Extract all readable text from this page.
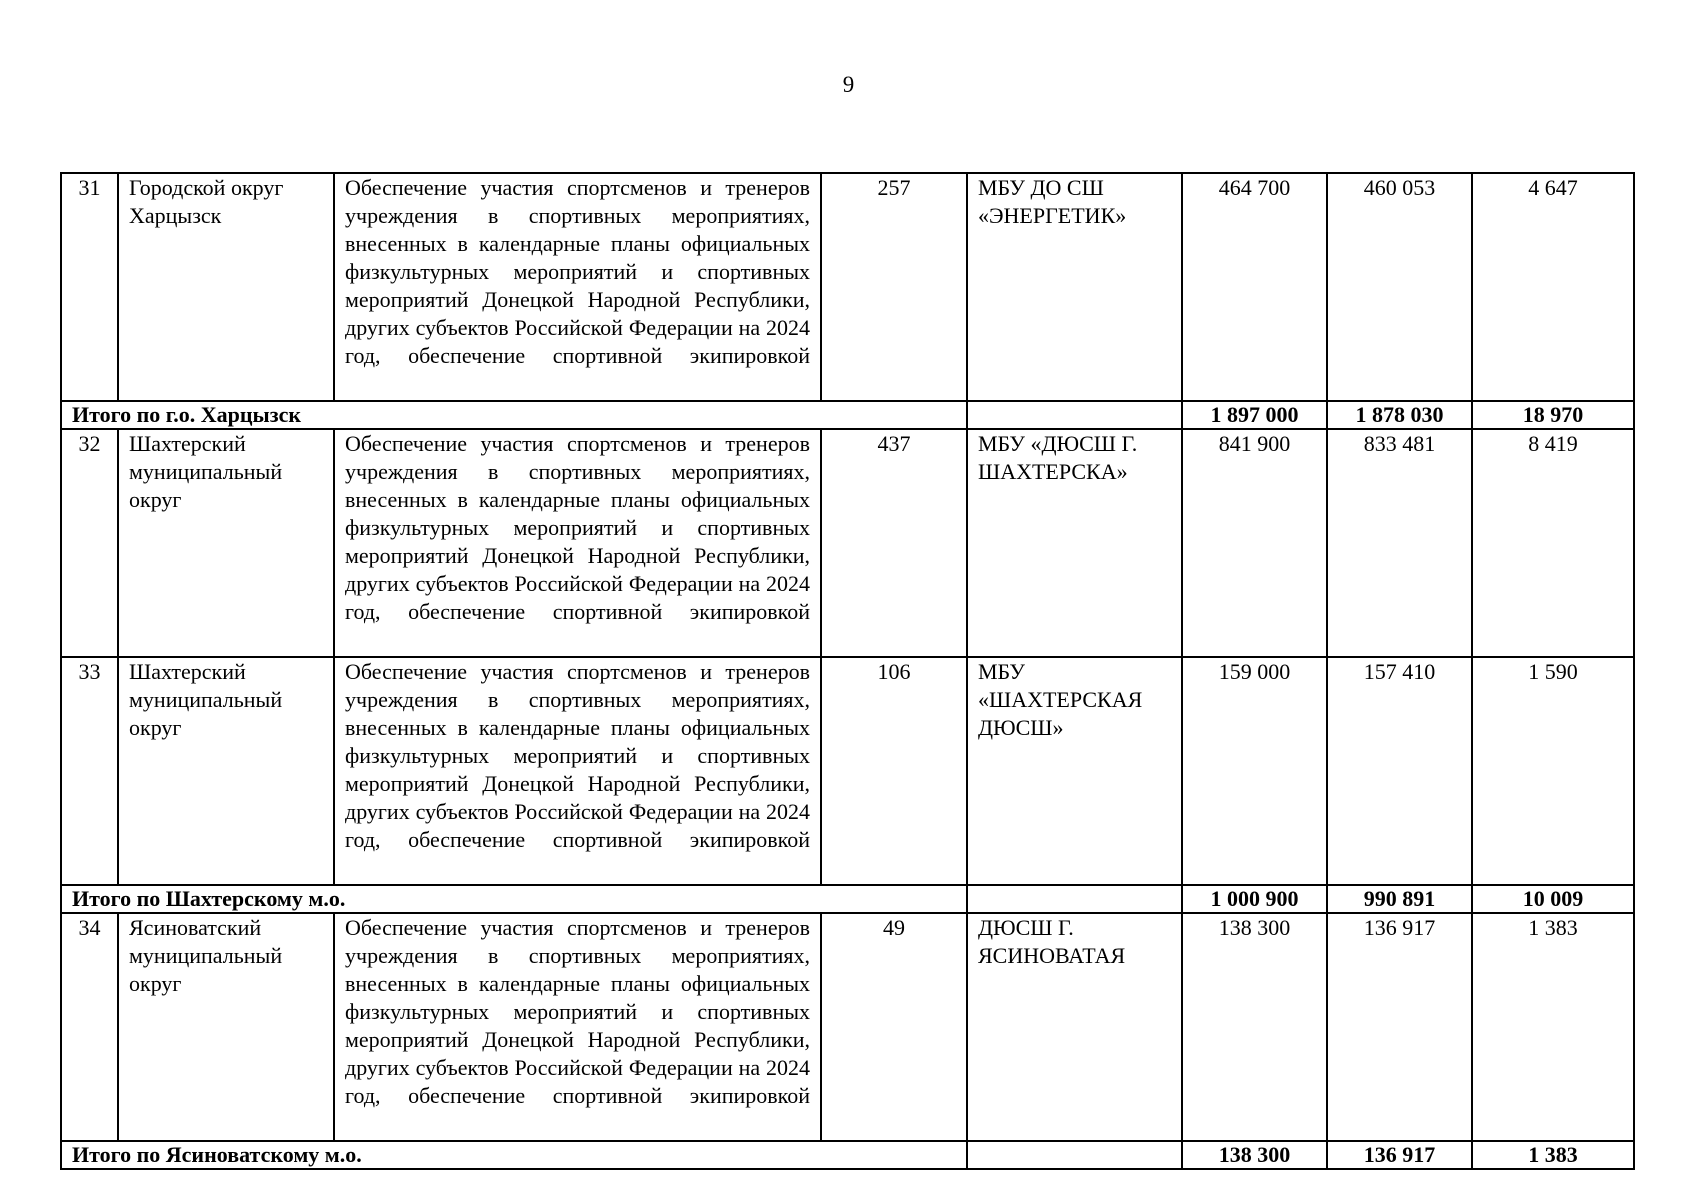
9
31	Городской округ Харцызск	Обеспечение участия спортсменов и тренеров учреждения в спортивных мероприятиях, внесенных в календарные планы официальных физкультурных мероприятий и спортивных мероприятий Донецкой Народной Республики, других субъектов Российской Федерации на 2024 год, обеспечение спортивной экипировкой	257	МБУ ДО СШ «ЭНЕРГЕТИК»	464 700	460 053	4 647
Итого по г.о. Харцызск					1 897 000	1 878 030	18 970
32	Шахтерский муниципальный округ	Обеспечение участия спортсменов и тренеров учреждения в спортивных мероприятиях, внесенных в календарные планы официальных физкультурных мероприятий и спортивных мероприятий Донецкой Народной Республики, других субъектов Российской Федерации на 2024 год, обеспечение спортивной экипировкой	437	МБУ «ДЮСШ Г. ШАХТЕРСКА»	841 900	833 481	8 419
33	Шахтерский муниципальный округ	Обеспечение участия спортсменов и тренеров учреждения в спортивных мероприятиях, внесенных в календарные планы официальных физкультурных мероприятий и спортивных мероприятий Донецкой Народной Республики, других субъектов Российской Федерации на 2024 год, обеспечение спортивной экипировкой	106	МБУ «ШАХТЕРСКАЯ ДЮСШ»	159 000	157 410	1 590
Итого по Шахтерскому м.о.					1 000 900	990 891	10 009
34	Ясиноватский муниципальный округ	Обеспечение участия спортсменов и тренеров учреждения в спортивных мероприятиях, внесенных в календарные планы официальных физкультурных мероприятий и спортивных мероприятий Донецкой Народной Республики, других субъектов Российской Федерации на 2024 год, обеспечение спортивной экипировкой	49	ДЮСШ Г. ЯСИНОВАТАЯ	138 300	136 917	1 383
Итого по Ясиноватскому м.о.					138 300	136 917	1 383
